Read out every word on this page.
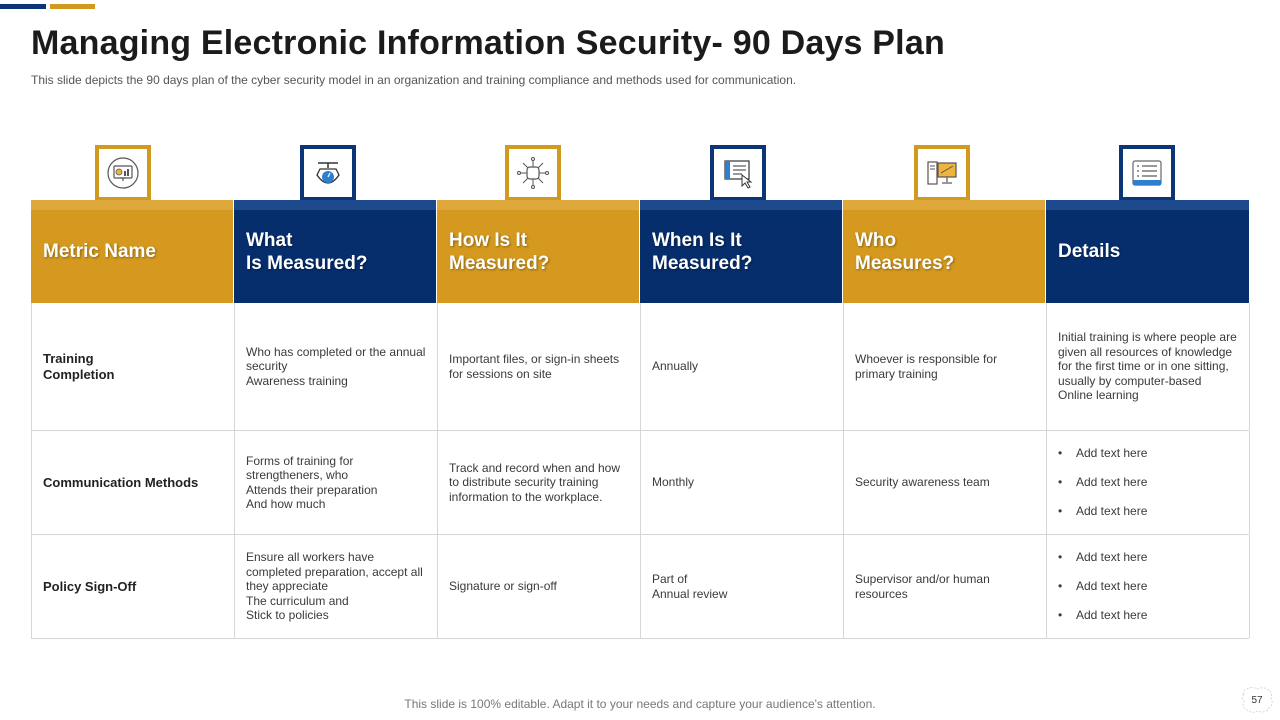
Managing Electronic Information Security- 90 Days Plan
This slide depicts the 90 days plan of the cyber security model in an organization and training compliance and methods used for communication.
Metric Name
What
Is Measured?
How Is It
Measured?
When Is It
Measured?
Who
Measures?
Details
Training
Completion
Who has completed or the annual security
Awareness training
Important files, or sign-in sheets for sessions on site
Annually
Whoever is responsible for primary training
Initial training is where people are given all resources of knowledge for the first time or in one sitting, usually by computer-based
Online learning
Communication Methods
Forms of training for strengtheners, who
Attends their preparation
And how much
Track and record when and how to distribute security training information to the workplace.
Monthly	Security awareness team

• Add text here

• Add text here

• Add text here

Policy Sign-Off
Ensure all workers have completed preparation, accept all they appreciate
The curriculum and
Stick to policies
Signature or sign-off
Part of
Annual review
Supervisor and/or human resources

• Add text here

• Add text here

• Add text here

This slide is 100% editable. Adapt it to your needs and capture your audience's attention.	57
